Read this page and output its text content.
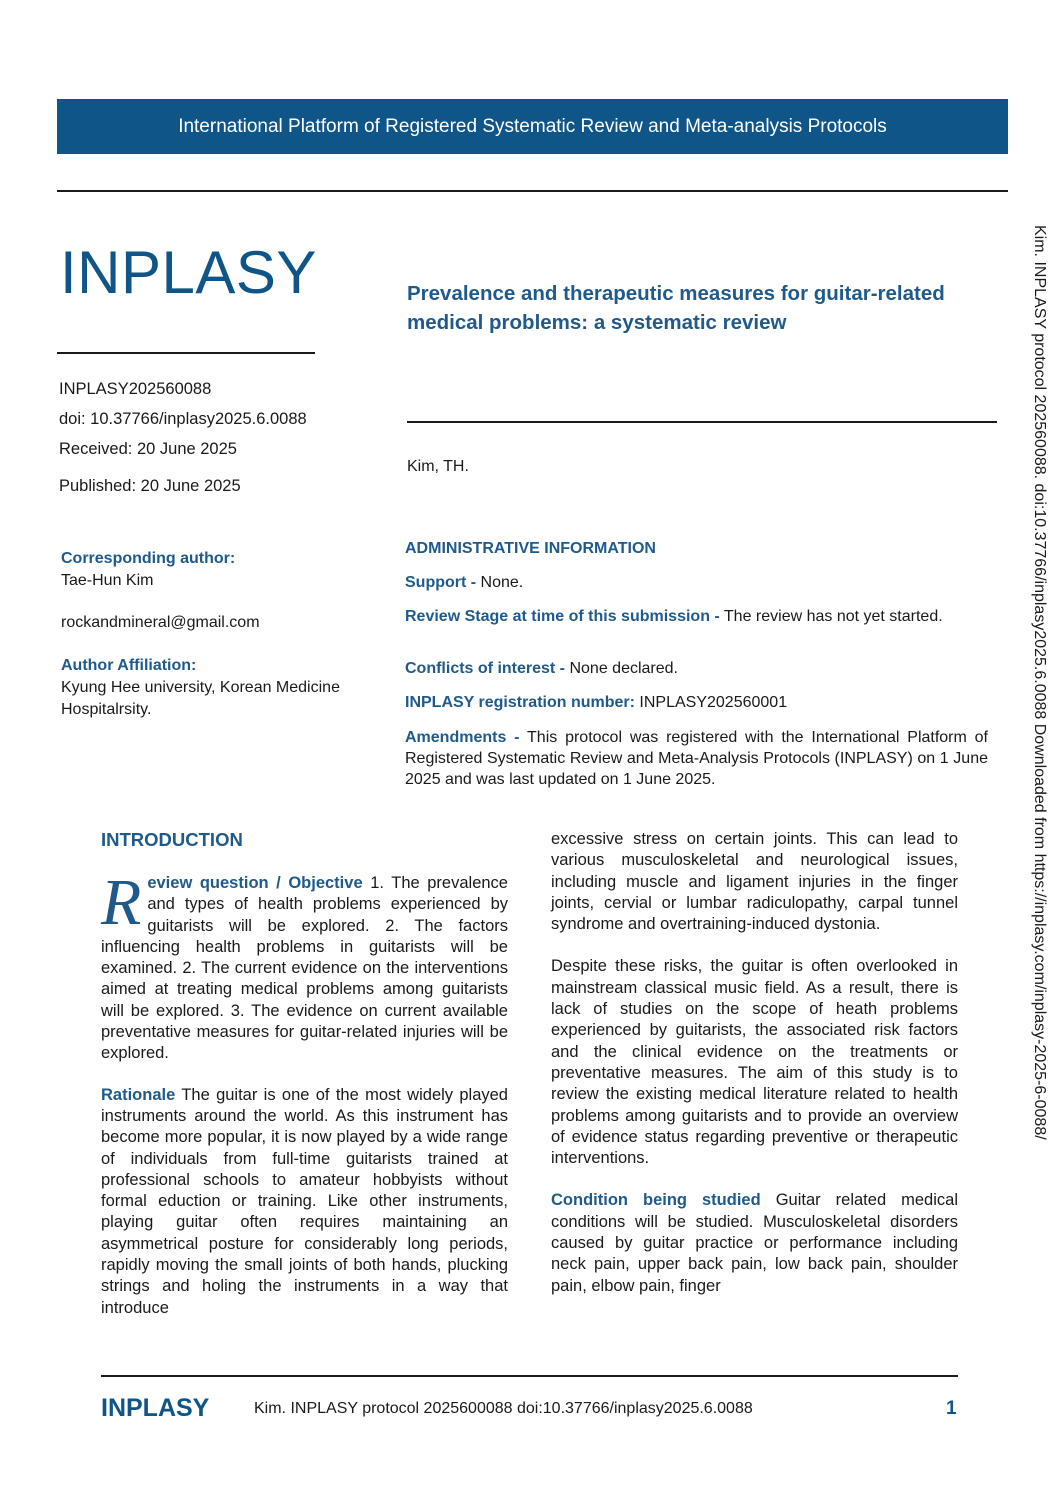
International Platform of Registered Systematic Review and Meta-analysis Protocols
INPLASY	Prevalence and therapeutic measures for guitar-related medical problems: a systematic review
INPLASY202560088
doi: 10.37766/inplasy2025.6.0088
Received: 20 June 2025
Published: 20 June 2025
Kim, TH.
Corresponding author:
Tae-Hun Kim
rockandmineral@gmail.com
Author Affiliation:
Kyung Hee university, Korean Medicine Hospitalrsity.
ADMINISTRATIVE INFORMATION
Support - None.
Review Stage at time of this submission - The review has not yet started.
Conflicts of interest - None declared.
INPLASY registration number: INPLASY202560001
Amendments - This protocol was registered with the International Platform of Registered Systematic Review and Meta-Analysis Protocols (INPLASY) on 1 June 2025 and was last updated on 1 June 2025.
INTRODUCTION

Review question / Objective 1. The prevalence and types of health problems experienced by guitarists will be explored. 2. The factors influencing health problems in guitarists will be examined. 2. The current evidence on the interventions aimed at treating medical problems among guitarists will be explored. 3. The evidence on current available preventative measures for guitar-related injuries will be explored.

Rationale The guitar is one of the most widely played instruments around the world. As this instrument has become more popular, it is now played by a wide range of individuals from full-time guitarists trained at professional schools to amateur hobbyists without formal eduction or training. Like other instruments, playing guitar often requires maintaining an asymmetrical posture for considerably long periods, rapidly moving the small joints of both hands, plucking strings and holing the instruments in a way that introduce

excessive stress on certain joints. This can lead to various musculoskeletal and neurological issues, including muscle and ligament injuries in the finger joints, cervial or lumbar radiculopathy, carpal tunnel syndrome and overtraining-induced dystonia.

Despite these risks, the guitar is often overlooked in mainstream classical music field. As a result, there is lack of studies on the scope of heath problems experienced by guitarists, the associated risk factors and the clinical evidence on the treatments or preventative measures. The aim of this study is to review the existing medical literature related to health problems among guitarists and to provide an overview of evidence status regarding preventive or therapeutic interventions.

Condition being studied Guitar related medical conditions will be studied. Musculoskeletal disorders caused by guitar practice or performance including neck pain, upper back pain, low back pain, shoulder pain, elbow pain, finger

Kim. INPLASY protocol 202560088. doi:10.37766/inplasy2025.6.0088 Downloaded from https://inplasy.com/inplasy-2025-6-0088/
INPLASY	Kim. INPLASY protocol 2025600088 doi:10.37766/inplasy2025.6.0088	1
